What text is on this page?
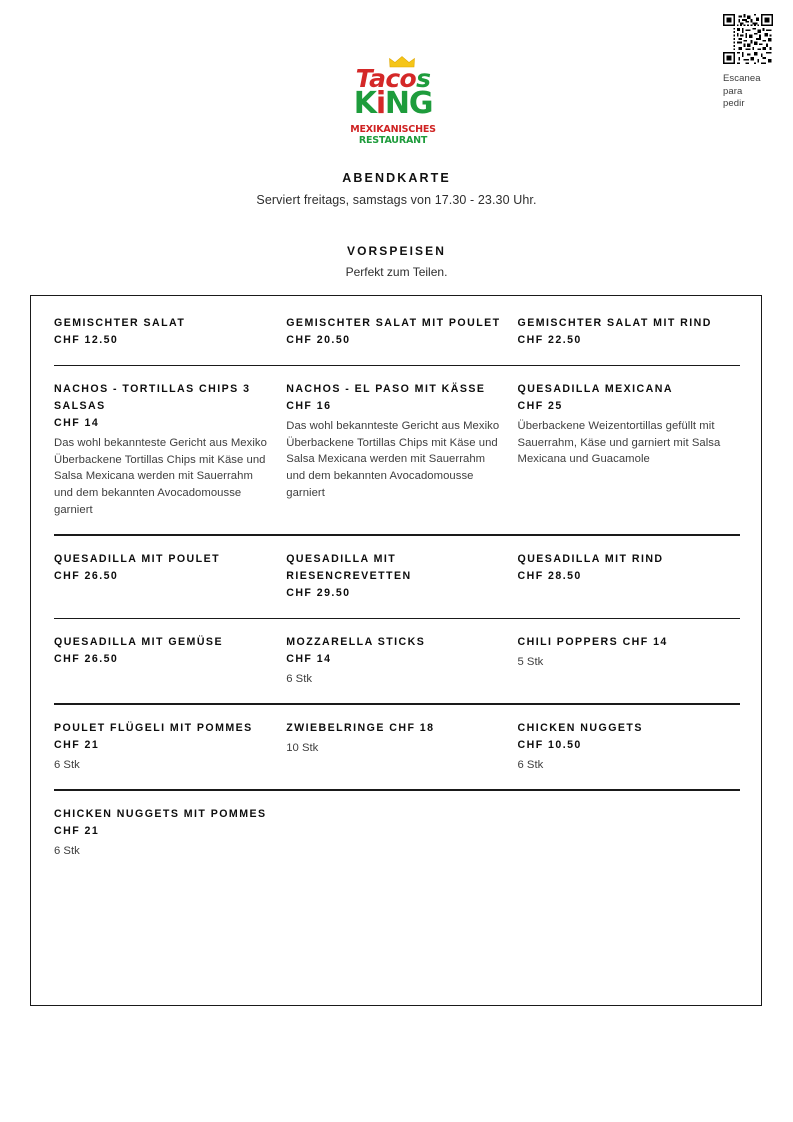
Escanea
para
pedir
Tacos
KiNG
MEXIKANISCHES
RESTAURANT
ABENDKARTE
Serviert freitags, samstags von 17.30 - 23.30 Uhr.
VORSPEISEN
Perfekt zum Teilen.
GEMISCHTER SALAT
CHF 12.50
GEMISCHTER SALAT MIT POULET
CHF 20.50
GEMISCHTER SALAT MIT RIND
CHF 22.50
NACHOS - TORTILLAS CHIPS 3 SALSAS
CHF 14
Das wohl bekannteste Gericht aus Mexiko
Überbackene Tortillas Chips mit Käse und Salsa Mexicana werden mit Sauerrahm und dem bekannten Avocadomousse garniert
NACHOS - EL PASO MIT KÄSSE
CHF 16
Das wohl bekannteste Gericht aus Mexiko
Überbackene Tortillas Chips mit Käse und Salsa Mexicana werden mit Sauerrahm und dem bekannten Avocadomousse garniert
QUESADILLA MEXICANA
CHF 25
Überbackene Weizentortillas gefüllt mit Sauerrahm, Käse und garniert mit Salsa Mexicana und Guacamole
QUESADILLA MIT POULET
CHF 26.50
QUESADILLA MIT RIESENCREVETTEN
CHF 29.50
QUESADILLA MIT RIND
CHF 28.50
QUESADILLA MIT GEMÜSE
CHF 26.50
MOZZARELLA STICKS
CHF 14
6 Stk
CHILI POPPERS CHF 14
5 Stk
POULET FLÜGELI MIT POMMES
CHF 21
6 Stk
ZWIEBELRINGE CHF 18
10 Stk
CHICKEN NUGGETS
CHF 10.50
6 Stk
CHICKEN NUGGETS MIT POMMES CHF 21
6 Stk
